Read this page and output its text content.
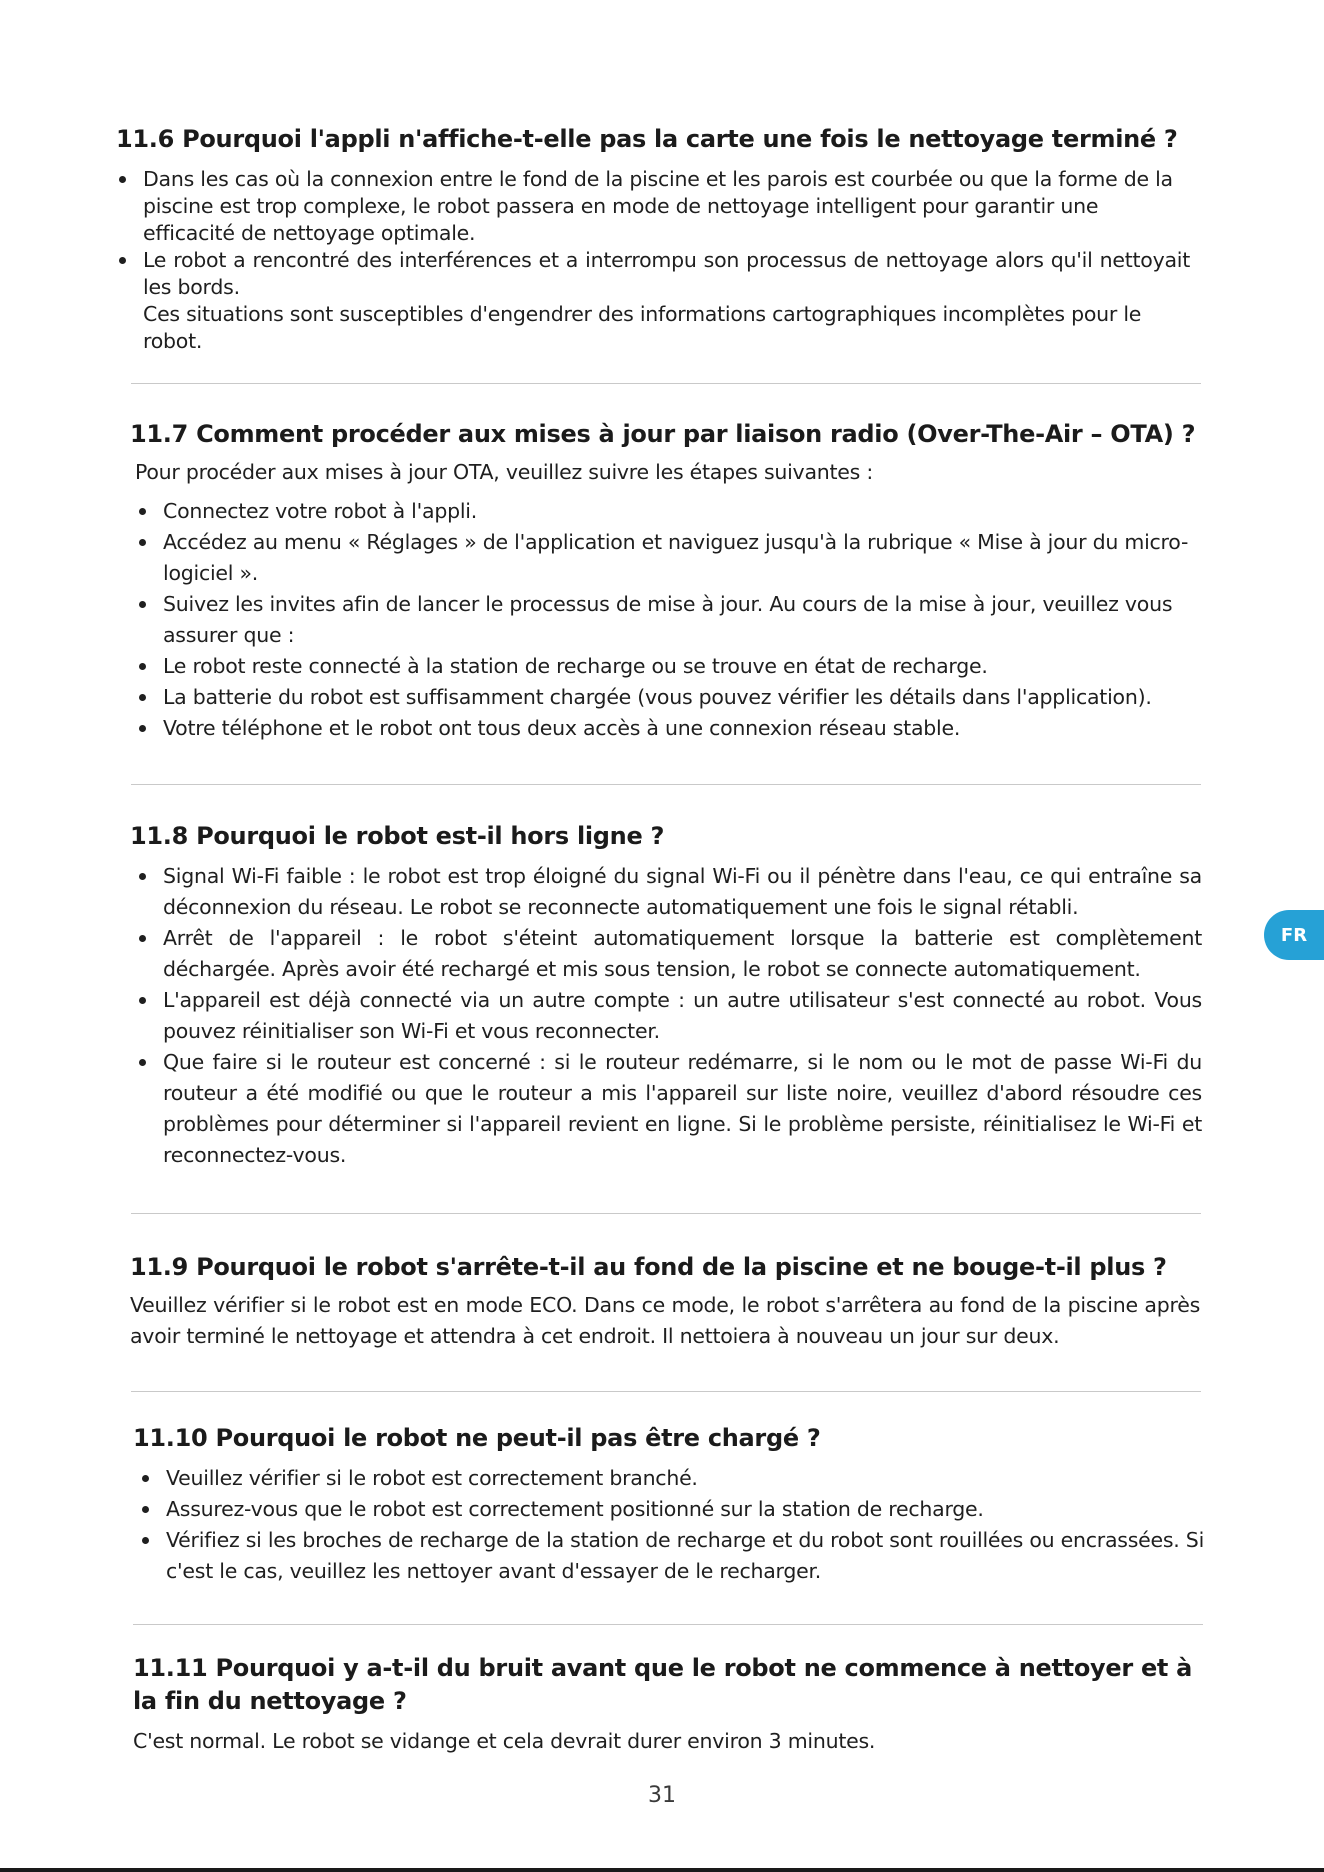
11.6 Pourquoi l'appli n'affiche-t-elle pas la carte une fois le nettoyage terminé ?
Dans les cas où la connexion entre le fond de la piscine et les parois est courbée ou que la forme de la piscine est trop complexe, le robot passera en mode de nettoyage intelligent pour garantir une efficacité de nettoyage optimale.
Le robot a rencontré des interférences et a interrompu son processus de nettoyage alors qu'il nettoyait les bords.

Ces situations sont susceptibles d'engendrer des informations cartographiques incomplètes pour le robot.

11.7 Comment procéder aux mises à jour par liaison radio (Over-The-Air – OTA) ?

Pour procéder aux mises à jour OTA, veuillez suivre les étapes suivantes :

Connectez votre robot à l'appli.
Accédez au menu « Réglages » de l'application et naviguez jusqu'à la rubrique « Mise à jour du micro-logiciel ».
Suivez les invites afin de lancer le processus de mise à jour. Au cours de la mise à jour, veuillez vous assurer que :
Le robot reste connecté à la station de recharge ou se trouve en état de recharge.
La batterie du robot est suffisamment chargée (vous pouvez vérifier les détails dans l'application).
Votre téléphone et le robot ont tous deux accès à une connexion réseau stable.
11.8 Pourquoi le robot est-il hors ligne ?
Signal Wi-Fi faible : le robot est trop éloigné du signal Wi-Fi ou il pénètre dans l'eau, ce qui entraîne sa déconnexion du réseau. Le robot se reconnecte automatiquement une fois le signal rétabli.
Arrêt de l'appareil : le robot s'éteint automatiquement lorsque la batterie est complètement déchargée. Après avoir été rechargé et mis sous tension, le robot se connecte automatiquement.
L'appareil est déjà connecté via un autre compte : un autre utilisateur s'est connecté au robot. Vous pouvez réinitialiser son Wi-Fi et vous reconnecter.
Que faire si le routeur est concerné : si le routeur redémarre, si le nom ou le mot de passe Wi-Fi du routeur a été modifié ou que le routeur a mis l'appareil sur liste noire, veuillez d'abord résoudre ces problèmes pour déterminer si l'appareil revient en ligne. Si le problème persiste, réinitialisez le Wi-Fi et reconnectez-vous.
11.9 Pourquoi le robot s'arrête-t-il au fond de la piscine et ne bouge-t-il plus ?

Veuillez vérifier si le robot est en mode ECO. Dans ce mode, le robot s'arrêtera au fond de la piscine après avoir terminé le nettoyage et attendra à cet endroit. Il nettoiera à nouveau un jour sur deux.

11.10 Pourquoi le robot ne peut-il pas être chargé ?
Veuillez vérifier si le robot est correctement branché.
Assurez-vous que le robot est correctement positionné sur la station de recharge.
Vérifiez si les broches de recharge de la station de recharge et du robot sont rouillées ou encrassées. Si c'est le cas, veuillez les nettoyer avant d'essayer de le recharger.
11.11 Pourquoi y a-t-il du bruit avant que le robot ne commence à nettoyer et à la fin du nettoyage ?

C'est normal. Le robot se vidange et cela devrait durer environ 3 minutes.

FR
31
